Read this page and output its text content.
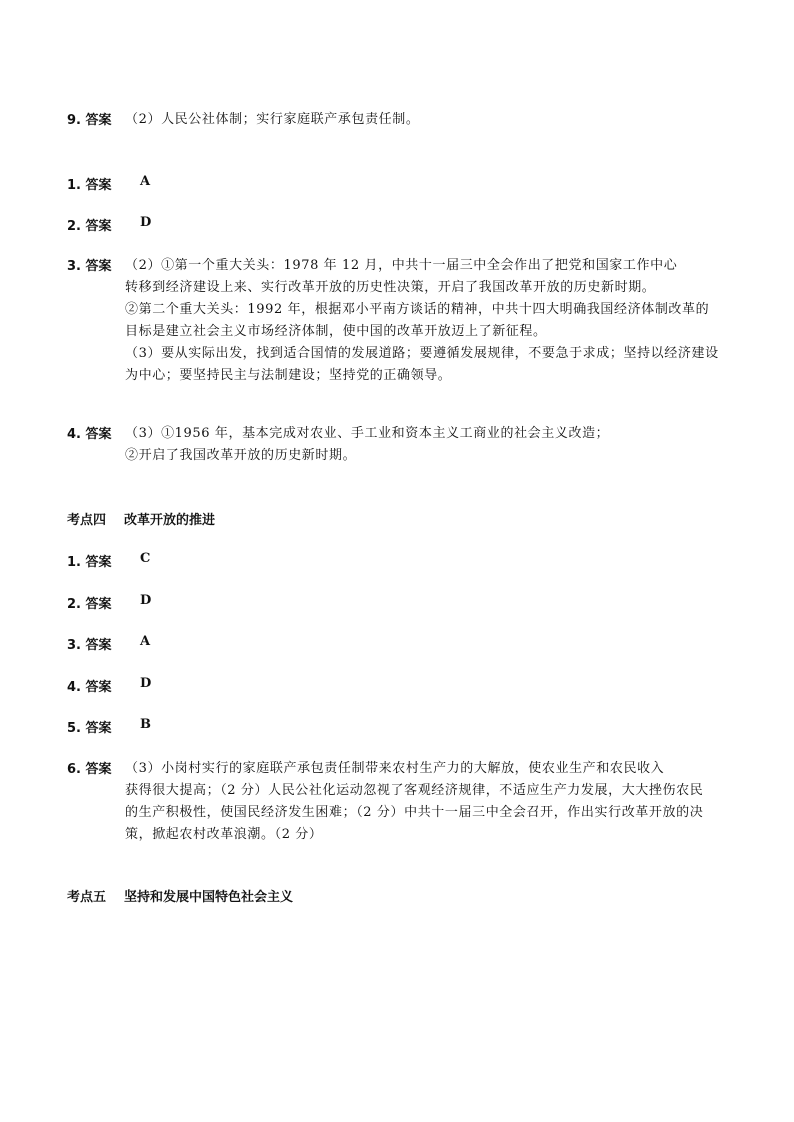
9. 答案 （2）人民公社体制；实行家庭联产承包责任制。
1. 答案 A
2. 答案 D
3. 答案 （2）①第一个重大关头：1978 年 12 月，中共十一届三中全会作出了把党和国家工作中心
转移到经济建设上来、实行改革开放的历史性决策，开启了我国改革开放的历史新时期。
②第二个重大关头：1992 年，根据邓小平南方谈话的精神，中共十四大明确我国经济体制改革的
目标是建立社会主义市场经济体制，使中国的改革开放迈上了新征程。
（3）要从实际出发，找到适合国情的发展道路；要遵循发展规律，不要急于求成；坚持以经济建设
为中心；要坚持民主与法制建设；坚持党的正确领导。
4. 答案 （3）①1956 年，基本完成对农业、手工业和资本主义工商业的社会主义改造；
②开启了我国改革开放的历史新时期。
考点四 改革开放的推进
1. 答案 C
2. 答案 D
3. 答案 A
4. 答案 D
5. 答案 B
6. 答案 （3）小岗村实行的家庭联产承包责任制带来农村生产力的大解放，使农业生产和农民收入
获得很大提高；（2 分）人民公社化运动忽视了客观经济规律，不适应生产力发展，大大挫伤农民
的生产积极性，使国民经济发生困难；（2 分）中共十一届三中全会召开，作出实行改革开放的决
策，掀起农村改革浪潮。（2 分）
考点五 坚持和发展中国特色社会主义
